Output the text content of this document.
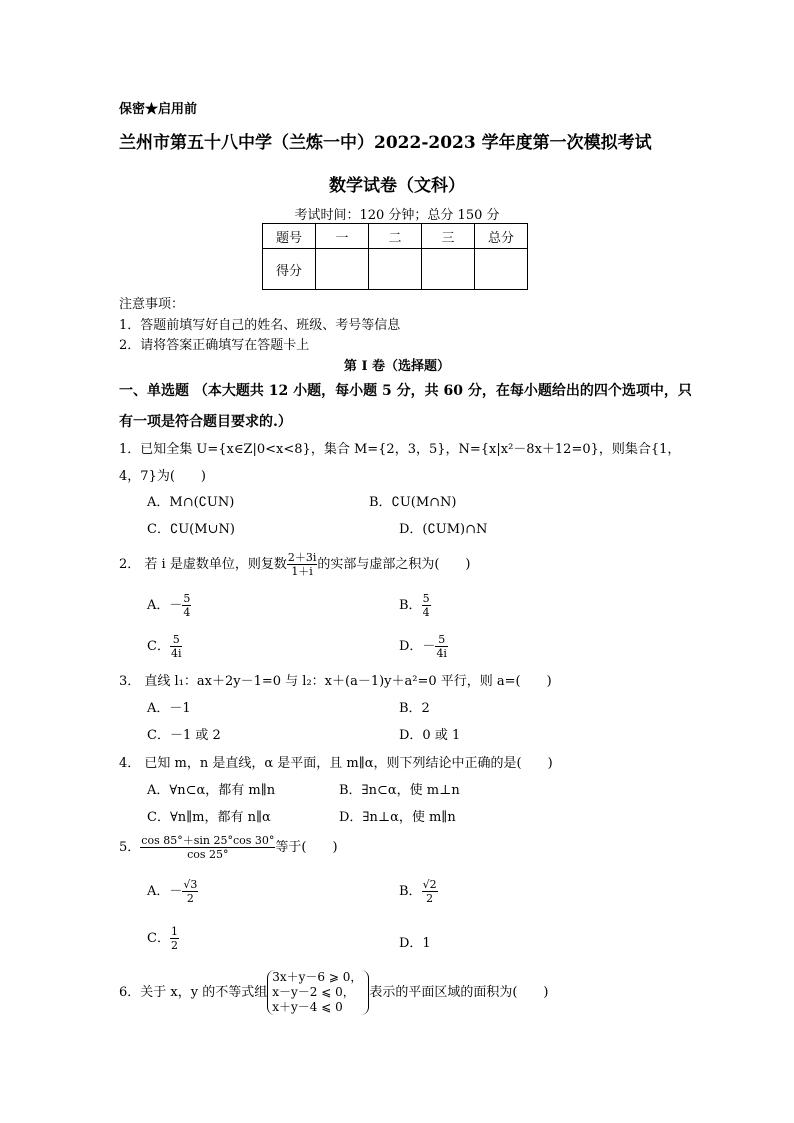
保密★启用前
兰州市第五十八中学（兰炼一中）2022-2023 学年度第一次模拟考试
数学试卷（文科）
考试时间：120 分钟；总分 150 分
题号	一	二	三	总分
得分				
注意事项：
1．答题前填写好自己的姓名、班级、考号等信息
2．请将答案正确填写在答题卡上
第 I 卷（选择题）
一、单选题 （本大题共 12 小题，每小题 5 分，共 60 分，在每小题给出的四个选项中，只
有一项是符合题目要求的.）
1．已知全集 U={x∈Z|0<x<8}，集合 M={2，3，5}，N={x|x²－8x＋12=0}，则集合{1，
4，7}为(　　)
A．M∩(∁UN)	B．∁U(M∩N)
C．∁U(M∪N)	D．(∁UM)∩N
2． 若 i 是虚数单位，则复数 $\frac{2+3i}{1+i}$ 的实部与虚部之积为(　　)
A．－ $\frac{5}{4}$	B． $\frac{5}{4}$
C． $\frac{5}{4i}$	D．－ $\frac{5}{4i}$
3． 直线 l₁：ax＋2y－1=0 与 l₂：x＋(a－1)y＋a²=0 平行，则 a=(　　)
A．－1	B．2
C．－1 或 2	D．0 或 1
4． 已知 m，n 是直线，α 是平面，且 m∥α，则下列结论中正确的是(　　)
A．∀n⊂α，都有 m∥n	B．∃n⊂α，使 m⊥n
C．∀n∥m，都有 n∥α	D．∃n⊥α，使 m∥n
5． $\frac{\cos 85^\circ+\sin 25^\circ\cos 30^\circ}{\cos 25^\circ}$ 等于(　　)
A．－ $\frac{√3}{2}$	B． $\frac{√2}{2}$
C． $\frac{1}{2}$	D．1
6．关于 x，y 的不等式组
3x＋y－6 ⩾ 0，
x－y－2 ⩽ 0，
x＋y－4 ⩽ 0
表示的平面区域的面积为(　　)
